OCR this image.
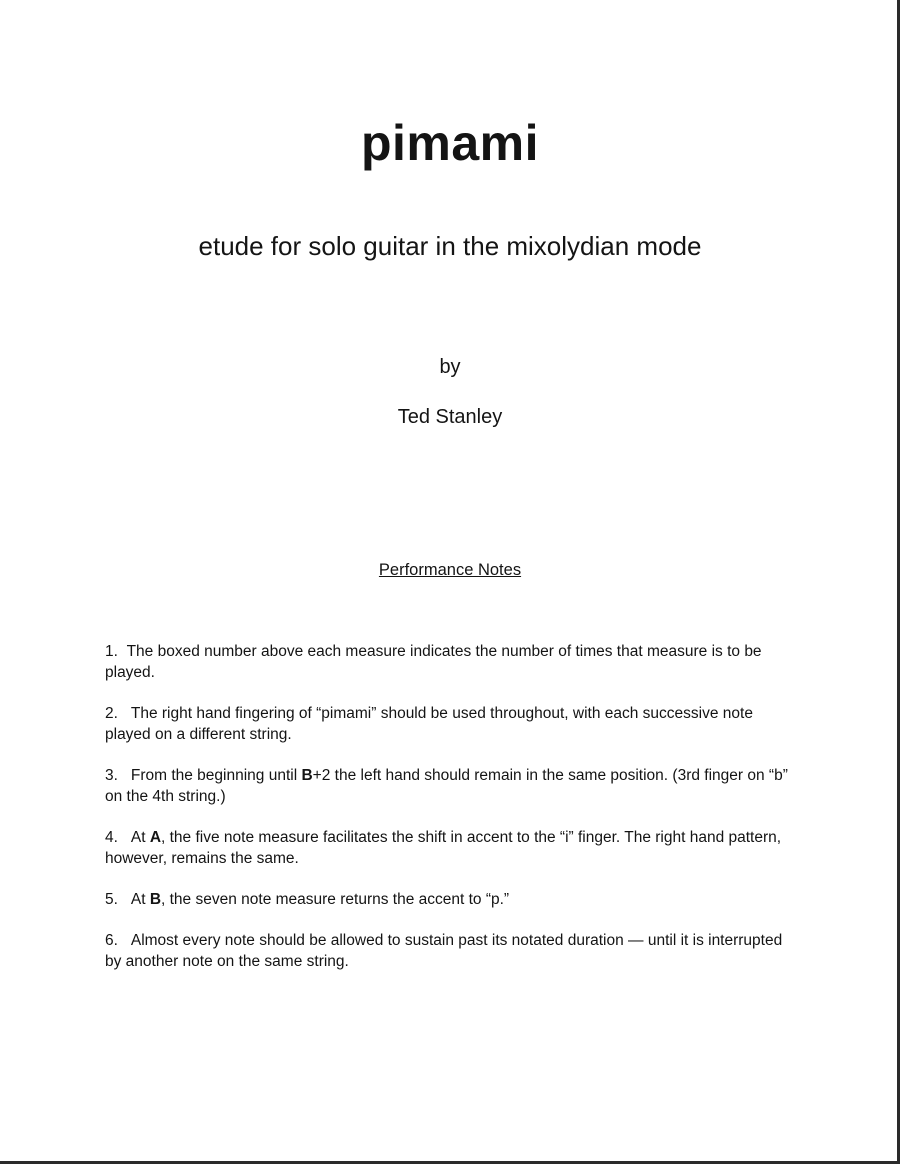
pimami
etude for solo guitar in the mixolydian mode
by
Ted Stanley
Performance Notes
1. The boxed number above each measure indicates the number of times that measure is to be played.
2. The right hand fingering of “pimami” should be used throughout, with each successive note played on a different string.
3. From the beginning until B+2 the left hand should remain in the same position. (3rd finger on “b” on the 4th string.)
4. At A, the five note measure facilitates the shift in accent to the “i” finger. The right hand pattern, however, remains the same.
5. At B, the seven note measure returns the accent to “p.”
6. Almost every note should be allowed to sustain past its notated duration — until it is interrupted by another note on the same string.
